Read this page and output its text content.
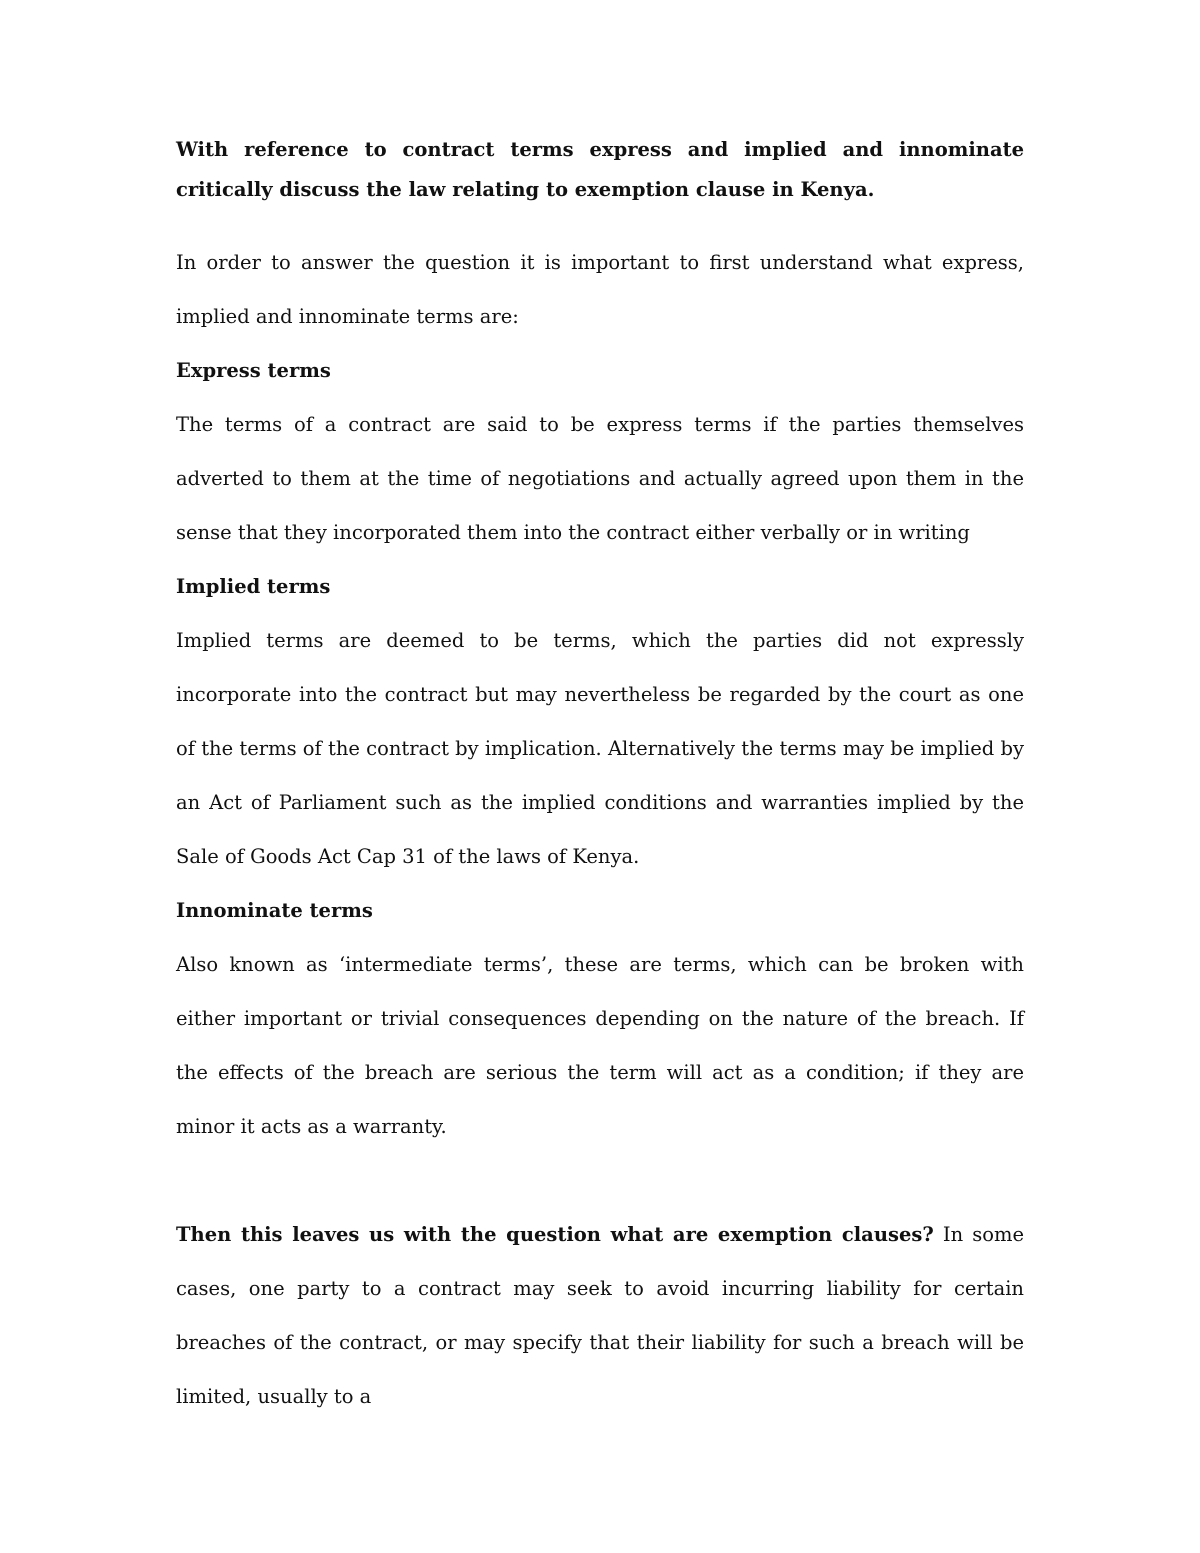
With reference to contract terms express and implied and innominate critically discuss the law relating to exemption clause in Kenya.

In order to answer the question it is important to first understand what express, implied and innominate terms are:

Express terms

The terms of a contract are said to be express terms if the parties themselves adverted to them at the time of negotiations and actually agreed upon them in the sense that they incorporated them into the contract either verbally or in writing

Implied terms

Implied terms are deemed to be terms, which the parties did not expressly incorporate into the contract but may nevertheless be regarded by the court as one of the terms of the contract by implication. Alternatively the terms may be implied by an Act of Parliament such as the implied conditions and warranties implied by the Sale of Goods Act Cap 31 of the laws of Kenya.

Innominate terms

Also known as ‘intermediate terms’, these are terms, which can be broken with either important or trivial consequences depending on the nature of the breach. If the effects of the breach are serious the term will act as a condition; if they are minor it acts as a warranty.

Then this leaves us with the question what are exemption clauses? In some cases, one party to a contract may seek to avoid incurring liability for certain breaches of the contract, or may specify that their liability for such a breach will be limited, usually to a
